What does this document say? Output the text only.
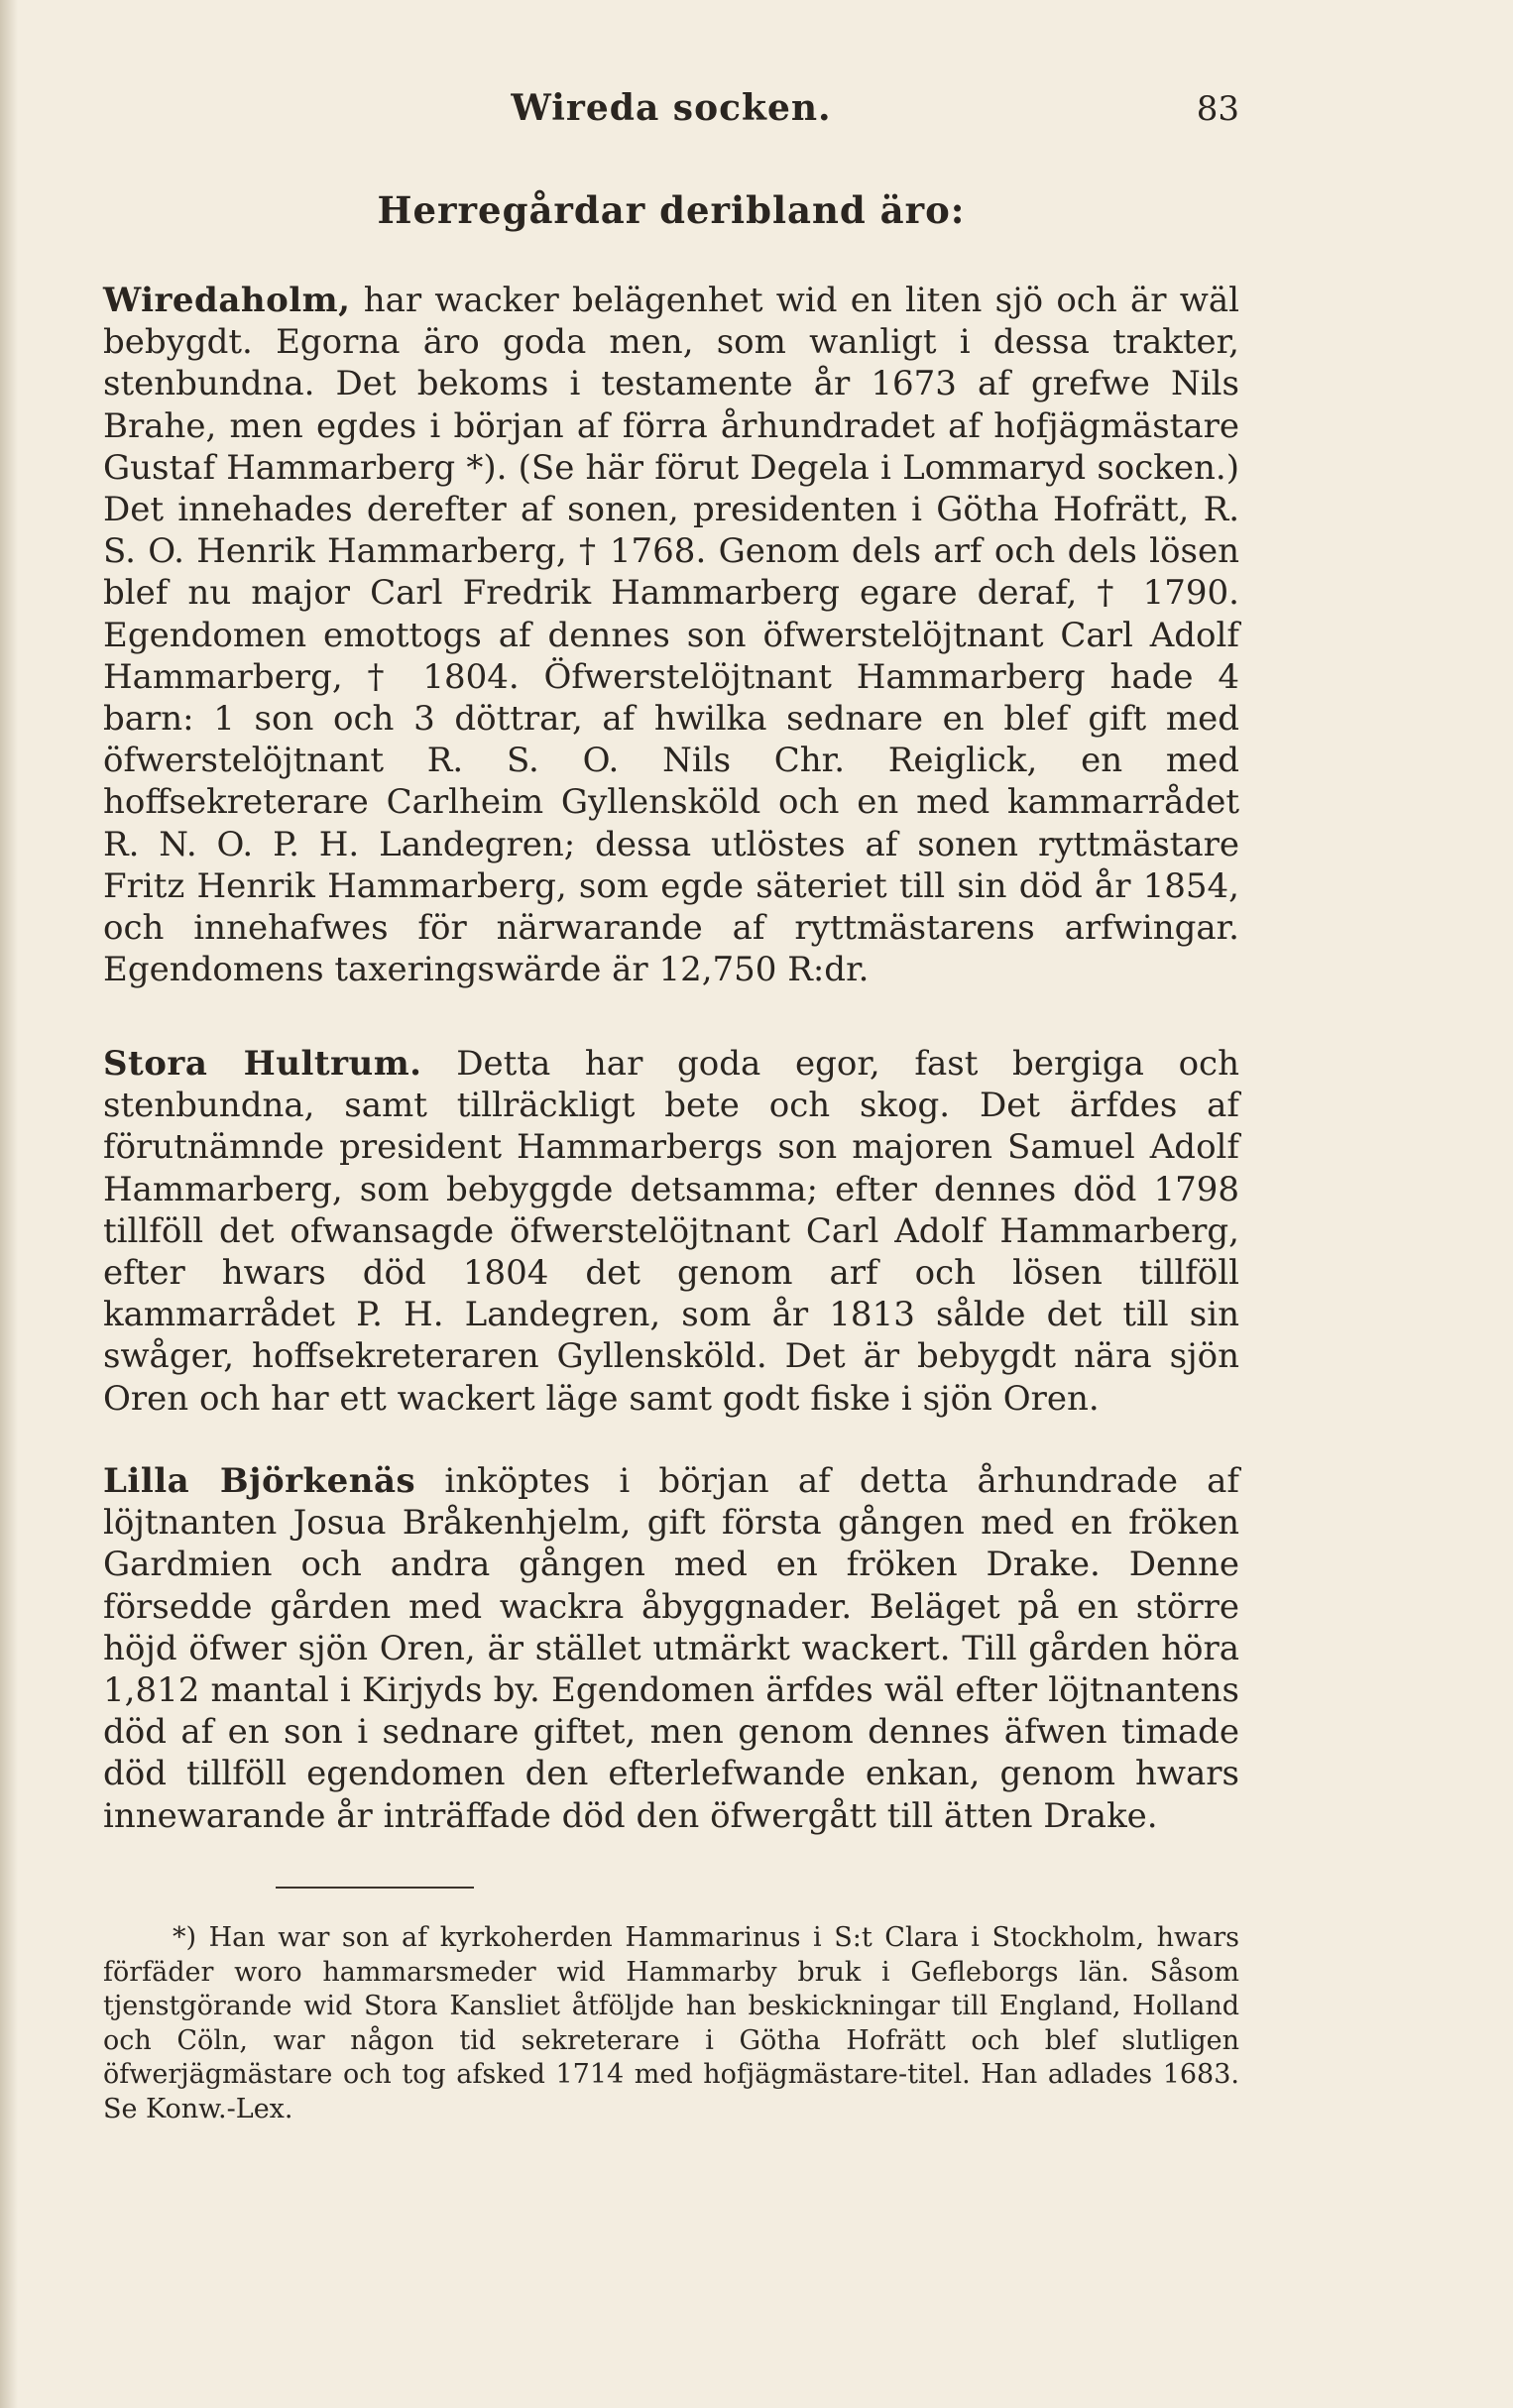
Wireda socken.	83
Herregårdar deribland äro:
Wiredaholm, har wacker belägenhet wid en liten sjö och är wäl bebygdt. Egorna äro goda men, som wanligt i dessa trakter, stenbundna. Det bekoms i testamente år 1673 af grefwe Nils Brahe, men egdes i början af förra århundradet af hofjägmästare Gustaf Hammarberg *). (Se här förut Degela i Lommaryd socken.) Det innehades derefter af sonen, presidenten i Götha Hofrätt, R. S. O. Henrik Hammarberg, † 1768. Genom dels arf och dels lösen blef nu major Carl Fredrik Hammarberg egare deraf, † 1790. Egendomen emottogs af dennes son öfwerstelöjtnant Carl Adolf Hammarberg, † 1804. Öfwerstelöjtnant Hammarberg hade 4 barn: 1 son och 3 döttrar, af hwilka sednare en blef gift med öfwerstelöjtnant R. S. O. Nils Chr. Reiglick, en med hoffsekreterare Carlheim Gyllensköld och en med kammarrådet R. N. O. P. H. Landegren; dessa utlöstes af sonen ryttmästare Fritz Henrik Hammarberg, som egde säteriet till sin död år 1854, och innehafwes för närwarande af ryttmästarens arfwingar. Egendomens taxeringswärde är 12,750 R:dr.
Stora Hultrum. Detta har goda egor, fast bergiga och stenbundna, samt tillräckligt bete och skog. Det ärfdes af förutnämnde president Hammarbergs son majoren Samuel Adolf Hammarberg, som bebyggde detsamma; efter dennes död 1798 tillföll det ofwansagde öfwerstelöjtnant Carl Adolf Hammarberg, efter hwars död 1804 det genom arf och lösen tillföll kammarrådet P. H. Landegren, som år 1813 sålde det till sin swåger, hoffsekreteraren Gyllensköld. Det är bebygdt nära sjön Oren och har ett wackert läge samt godt fiske i sjön Oren.
Lilla Björkenäs inköptes i början af detta århundrade af löjtnanten Josua Bråkenhjelm, gift första gången med en fröken Gardmien och andra gången med en fröken Drake. Denne försedde gården med wackra åbyggnader. Beläget på en större höjd öfwer sjön Oren, är stället utmärkt wackert. Till gården höra 1,812 mantal i Kirjyds by. Egendomen ärfdes wäl efter löjtnantens död af en son i sednare giftet, men genom dennes äfwen timade död tillföll egendomen den efterlefwande enkan, genom hwars innewarande år inträffade död den öfwergått till ätten Drake.
*) Han war son af kyrkoherden Hammarinus i S:t Clara i Stockholm, hwars förfäder woro hammarsmeder wid Hammarby bruk i Gefleborgs län. Såsom tjenstgörande wid Stora Kansliet åtföljde han beskickningar till England, Holland och Cöln, war någon tid sekreterare i Götha Hofrätt och blef slutligen öfwerjägmästare och tog afsked 1714 med hofjägmästare-titel. Han adlades 1683. Se Konw.-Lex.
